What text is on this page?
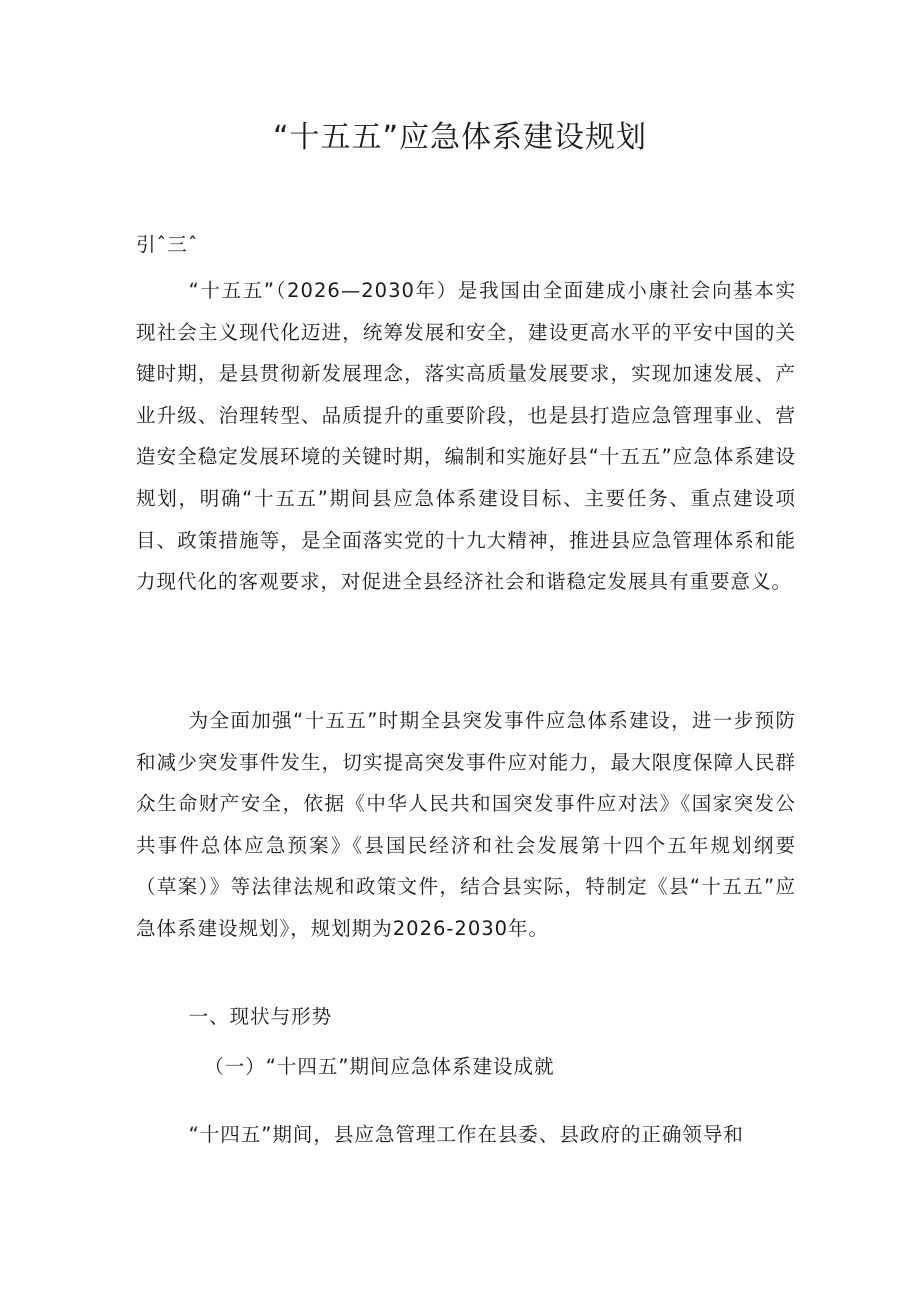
“十五五”应急体系建设规划
引ˆ三ˆ

“十五五”（2026—2030年）是我国由全面建成小康社会向基本实现社会主义现代化迈进，统筹发展和安全，建设更高水平的平安中国的关键时期，是县贯彻新发展理念，落实高质量发展要求，实现加速发展、产业升级、治理转型、品质提升的重要阶段，也是县打造应急管理事业、营造安全稳定发展环境的关键时期，编制和实施好县“十五五”应急体系建设规划，明确“十五五”期间县应急体系建设目标、主要任务、重点建设项目、政策措施等，是全面落实党的十九大精神，推进县应急管理体系和能力现代化的客观要求，对促进全县经济社会和谐稳定发展具有重要意义。

为全面加强“十五五”时期全县突发事件应急体系建设，进一步预防和减少突发事件发生，切实提高突发事件应对能力，最大限度保障人民群众生命财产安全，依据《中华人民共和国突发事件应对法》《国家突发公共事件总体应急预案》《县国民经济和社会发展第十四个五年规划纲要（草案）》等法律法规和政策文件，结合县实际，特制定《县“十五五”应急体系建设规划》，规划期为2026-2030年。

一、现状与形势
（一）“十四五”期间应急体系建设成就

“十四五”期间，县应急管理工作在县委、县政府的正确领导和
